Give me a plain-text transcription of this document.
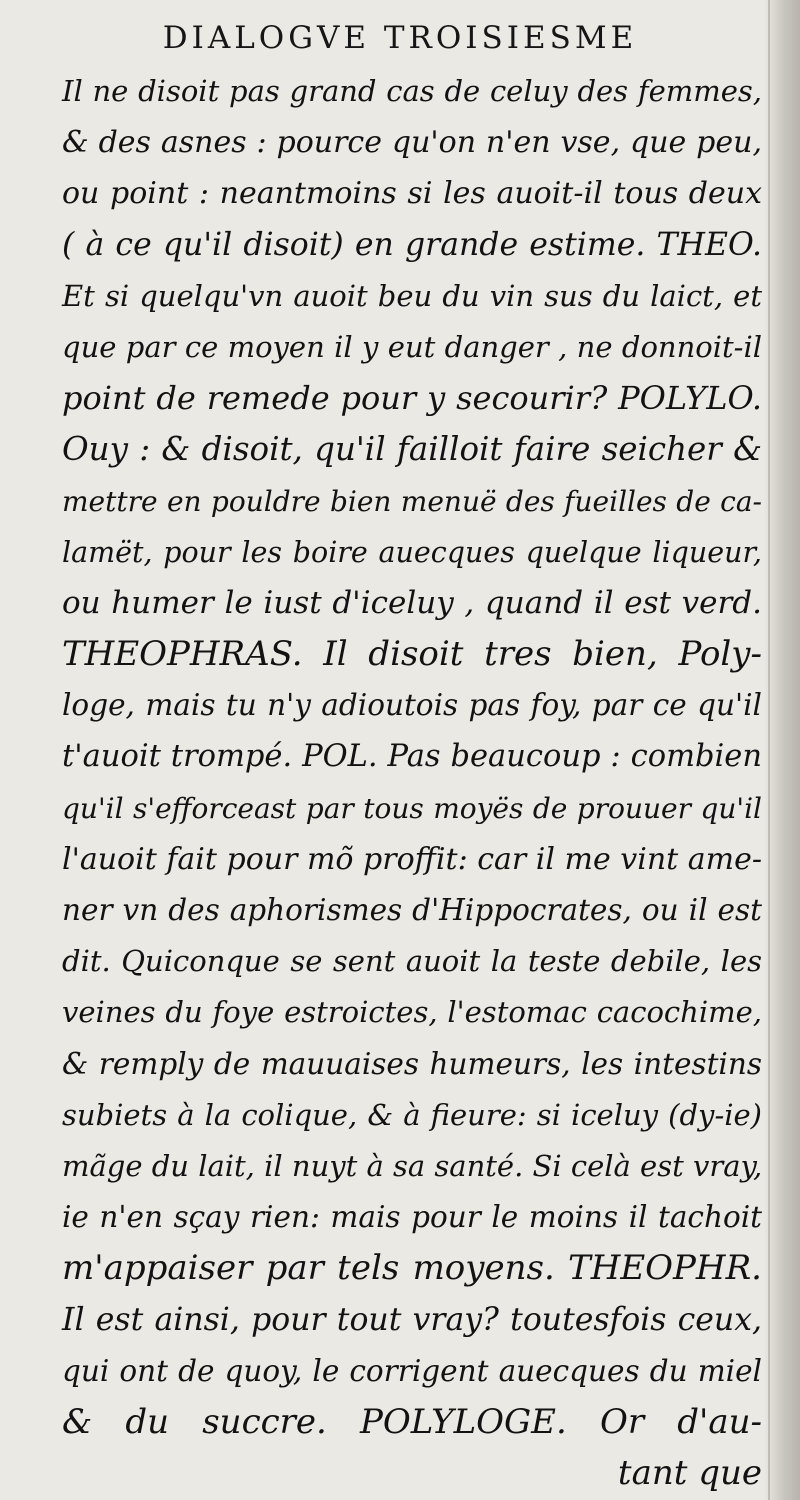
DIALOGVE TROISIESME
Il ne disoit pas grand cas de celuy des femmes,
& des asnes : pource qu'on n'en vse, que peu,
ou point : neantmoins si les auoit-il tous deux
( à ce qu'il disoit) en grande estime. THEO.
Et si quelqu'vn auoit beu du vin sus du laict, et
que par ce moyen il y eut danger , ne donnoit-il
point de remede pour y secourir? POLYLO.
Ouy : & disoit, qu'il failloit faire seicher &
mettre en pouldre bien menuë des fueilles de ca-
lamët, pour les boire auecques quelque liqueur,
ou humer le iust d'iceluy , quand il est verd.
THEOPHRAS. Il disoit tres bien, Poly-
loge, mais tu n'y adioutois pas foy, par ce qu'il
t'auoit trompé. POL. Pas beaucoup : combien
qu'il s'efforceast par tous moyës de prouuer qu'il
l'auoit fait pour mõ proffit: car il me vint ame-
ner vn des aphorismes d'Hippocrates, ou il est
dit. Quiconque se sent auoit la teste debile, les
veines du foye estroictes, l'estomac cacochime,
& remply de mauuaises humeurs, les intestins
subiets à la colique, & à fieure: si iceluy (dy-ie)
mãge du lait, il nuyt à sa santé. Si celà est vray,
ie n'en sçay rien: mais pour le moins il tachoit
m'appaiser par tels moyens. THEOPHR.
Il est ainsi, pour tout vray? toutesfois ceux,
qui ont de quoy, le corrigent auecques du miel
& du succre. POLYLOGE. Or d'au-
tant que
